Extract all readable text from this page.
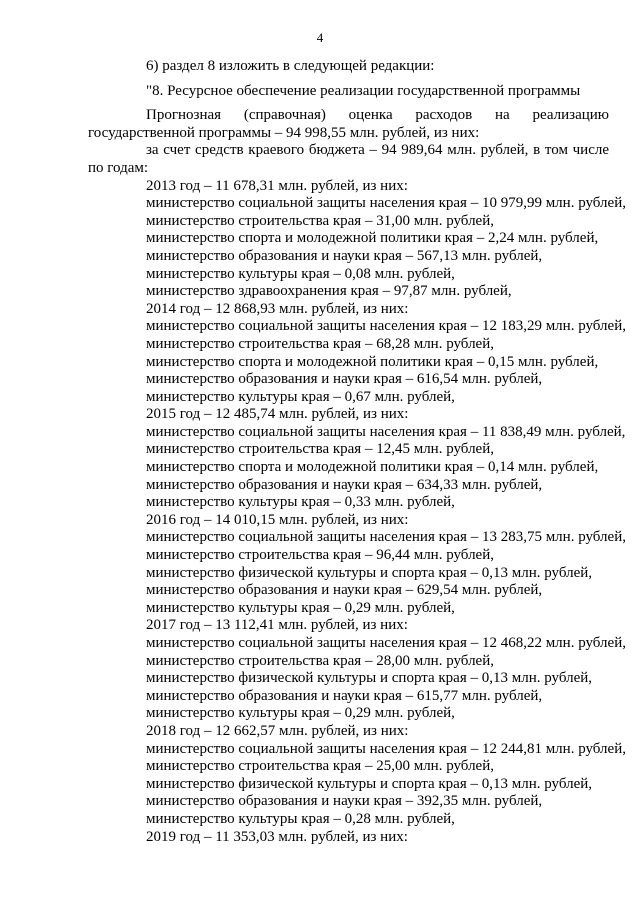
4

6) раздел 8 изложить в следующей редакции:

"8. Ресурсное обеспечение реализации государственной программы

Прогнозная (справочная) оценка расходов на реализацию государственной программы – 94 998,55 млн. рублей, из них:

за счет средств краевого бюджета – 94 989,64 млн. рублей, в том числе по годам:

2013 год – 11 678,31 млн. рублей, из них:

министерство социальной защиты населения края – 10 979,99 млн. рублей,

министерство строительства края – 31,00 млн. рублей,

министерство спорта и молодежной политики края – 2,24 млн. рублей,

министерство образования и науки края – 567,13 млн. рублей,

министерство культуры края – 0,08 млн. рублей,

министерство здравоохранения края – 97,87 млн. рублей,

2014 год – 12 868,93 млн. рублей, из них:

министерство социальной защиты населения края – 12 183,29 млн. рублей,

министерство строительства края – 68,28 млн. рублей,

министерство спорта и молодежной политики края – 0,15 млн. рублей,

министерство образования и науки края – 616,54 млн. рублей,

министерство культуры края – 0,67 млн. рублей,

2015 год – 12 485,74 млн. рублей, из них:

министерство социальной защиты населения края – 11 838,49 млн. рублей,

министерство строительства края – 12,45 млн. рублей,

министерство спорта и молодежной политики края – 0,14 млн. рублей,

министерство образования и науки края – 634,33 млн. рублей,

министерство культуры края – 0,33 млн. рублей,

2016 год – 14 010,15 млн. рублей, из них:

министерство социальной защиты населения края – 13 283,75 млн. рублей,

министерство строительства края – 96,44 млн. рублей,

министерство физической культуры и спорта края – 0,13 млн. рублей,

министерство образования и науки края – 629,54 млн. рублей,

министерство культуры края – 0,29 млн. рублей,

2017 год – 13 112,41 млн. рублей, из них:

министерство социальной защиты населения края – 12 468,22 млн. рублей,

министерство строительства края – 28,00 млн. рублей,

министерство физической культуры и спорта края – 0,13 млн. рублей,

министерство образования и науки края – 615,77 млн. рублей,

министерство культуры края – 0,29 млн. рублей,

2018 год – 12 662,57 млн. рублей, из них:

министерство социальной защиты населения края – 12 244,81 млн. рублей,

министерство строительства края – 25,00 млн. рублей,

министерство физической культуры и спорта края – 0,13 млн. рублей,

министерство образования и науки края – 392,35 млн. рублей,

министерство культуры края – 0,28 млн. рублей,

2019 год – 11 353,03 млн. рублей, из них:
